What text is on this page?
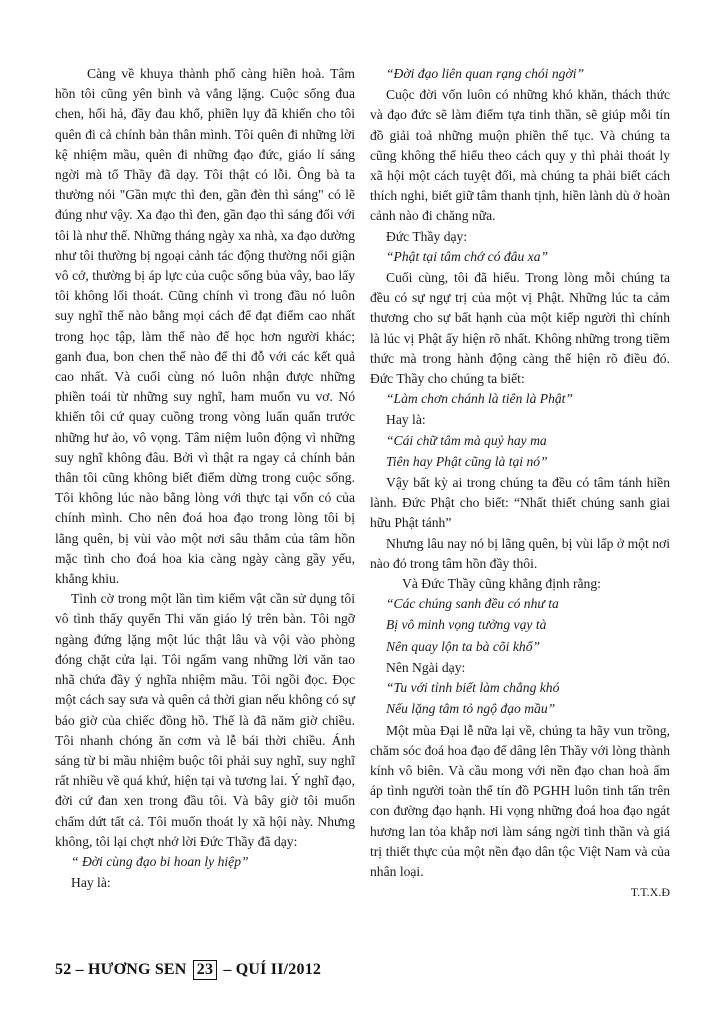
Càng về khuya thành phố càng hiền hoà. Tâm hồn tôi cũng yên bình và vắng lặng. Cuộc sống đua chen, hối hả, đầy đau khổ, phiền lụy đã khiến cho tôi quên đi cả chính bản thân mình. Tôi quên đi những lời kệ nhiệm mầu, quên đi những đạo đức, giáo lí sáng ngời mà tổ Thầy đã dạy. Tôi thật có lỗi. Ông bà ta thường nói "Gần mực thì đen, gần đèn thì sáng" có lẽ đúng như vậy. Xa đạo thì đen, gần đạo thì sáng đối với tôi là như thế. Những tháng ngày xa nhà, xa đạo dường như tôi thường bị ngoại cảnh tác động thường nổi giận vô cớ, thường bị áp lực của cuộc sống bủa vây, bao lấy tôi không lối thoát. Cũng chính vì trong đầu nó luôn suy nghĩ thế nào bằng mọi cách để đạt điểm cao nhất trong học tập, làm thế nào để học hơn người khác; ganh đua, bon chen thế nào để thi đỗ với các kết quả cao nhất. Và cuối cùng nó luôn nhận được những phiền toái từ những suy nghĩ, ham muốn vu vơ. Nó khiến tôi cứ quay cuồng trong vòng luẩn quẩn trước những hư ảo, vô vọng. Tâm niệm luôn động vì những suy nghĩ không đâu. Bởi vì thật ra ngay cả chính bản thân tôi cũng không biết điểm dừng trong cuộc sống. Tôi không lúc nào bằng lòng với thực tại vốn có của chính mình. Cho nên đoá hoa đạo trong lòng tôi bị lãng quên, bị vùi vào một nơi sâu thẳm của tâm hồn mặc tình cho đoá hoa kia càng ngày càng gầy yếu, khẳng khiu.

Tình cờ trong một lần tìm kiếm vật cần sử dụng tôi vô tình thấy quyển Thi văn giáo lý trên bàn. Tôi ngỡ ngàng đứng lặng một lúc thật lâu và vội vào phòng đóng chặt cửa lại. Tôi ngẩm vang những lời văn tao nhã chứa đầy ý nghĩa nhiệm mầu. Tôi ngồi đọc. Đọc một cách say sưa và quên cả thời gian nếu không có sự báo giờ của chiếc đồng hồ. Thế là đã năm giờ chiều. Tôi nhanh chóng ăn cơm và lễ bái thời chiều. Ánh sáng từ bi mầu nhiệm buộc tôi phải suy nghĩ, suy nghĩ rất nhiều về quá khứ, hiện tại và tương lai. Ý nghĩ đạo, đời cứ đan xen trong đầu tôi. Và bây giờ tôi muốn chấm dứt tất cả. Tôi muốn thoát ly xã hội này. Nhưng không, tôi lại chợt nhớ lời Đức Thầy đã dạy:

“ Đời cùng đạo bi hoan ly hiệp”

Hay là:

“Đời đạo liên quan rạng chói ngời”

Cuộc đời vốn luôn có những khó khăn, thách thức và đạo đức sẽ làm điểm tựa tinh thần, sẽ giúp mỗi tín đồ giải toả những muộn phiền thế tục. Và chúng ta cũng không thể hiểu theo cách quy y thì phải thoát ly xã hội một cách tuyệt đối, mà chúng ta phải biết cách thích nghi, biết giữ tâm thanh tịnh, hiền lành dù ở hoàn cảnh nào đi chăng nữa.

Đức Thầy dạy:

“Phật tại tâm chớ có đâu xa”

Cuối cùng, tôi đã hiểu. Trong lòng mỗi chúng ta đều có sự ngự trị của một vị Phật. Những lúc ta cảm thương cho sự bất hạnh của một kiếp người thì chính là lúc vị Phật ấy hiện rõ nhất. Không những trong tiềm thức mà trong hành động càng thể hiện rõ điều đó. Đức Thầy cho chúng ta biết:

“Làm chơn chánh là tiên là Phật”

Hay là:

“Cái chữ tâm mà quỷ hay ma

Tiên hay Phật cũng là tại nó”

Vậy bất kỳ ai trong chúng ta đều có tâm tánh hiền lành. Đức Phật cho biết: “Nhất thiết chúng sanh giai hữu Phật tánh”

Nhưng lâu nay nó bị lãng quên, bị vùi lấp ở một nơi nào đó trong tâm hồn đầy thôi.

Và Đức Thầy cũng khẳng định rằng:

“Các chúng sanh đều có như ta

Bị vô minh vọng tưởng vạy tà

Nên quay lộn ta bà cõi khổ”

Nên Ngài dạy:

“Tu với tỉnh biết làm chẳng khó

Nếu lặng tâm tỏ ngộ đạo mầu”

Một mùa Đại lễ nữa lại về, chúng ta hãy vun trồng, chăm sóc đoá hoa đạo để dâng lên Thầy với lòng thành kính vô biên. Và cầu mong với nền đạo chan hoà ấm áp tình người toàn thể tín đồ PGHH luôn tinh tấn trên con đường đạo hạnh. Hi vọng những đoá hoa đạo ngát hương lan tỏa khắp nơi làm sáng ngời tinh thần và giá trị thiết thực của một nền đạo dân tộc Việt Nam và của nhân loại.

T.T.X.Đ

52 – HƯƠNG SEN 23 – QUÍ II/2012
